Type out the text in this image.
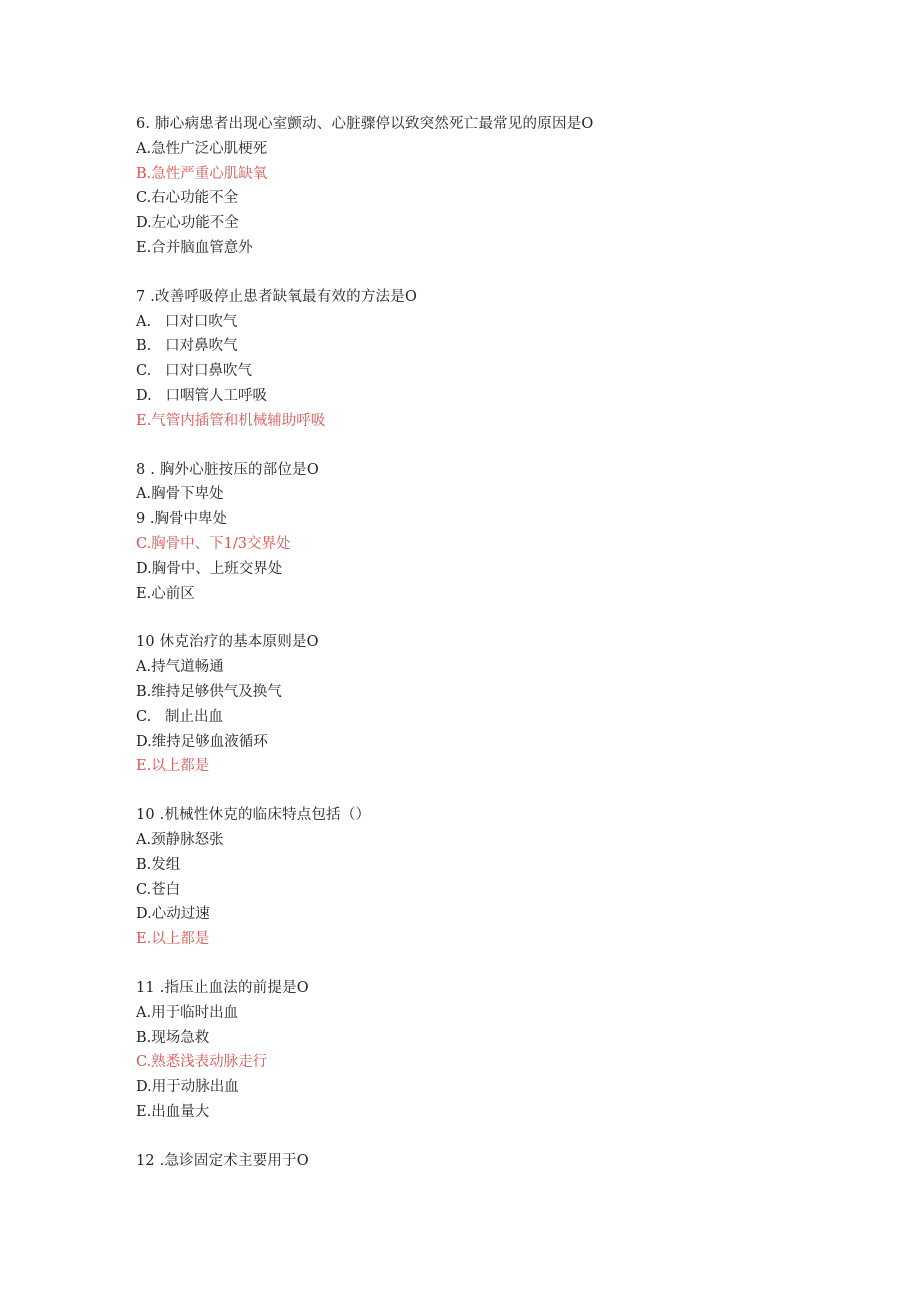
6. 肺心病患者出现心室颤动、心脏骤停以致突然死亡最常见的原因是O
A.急性广泛心肌梗死
B.急性严重心肌缺氧
C.右心功能不全
D.左心功能不全
E.合并脑血管意外
7 .改善呼吸停止患者缺氧最有效的方法是O
A.   口对口吹气
B.   口对鼻吹气
C.   口对口鼻吹气
D.   口咽管人工呼吸
E.气管内插管和机械辅助呼吸
8 . 胸外心脏按压的部位是O
A.胸骨下卑处
9 .胸骨中卑处
C.胸骨中、下1/3交界处
D.胸骨中、上班交界处
E.心前区
10 休克治疗的基本原则是O
A.持气道畅通
B.维持足够供气及换气
C.   制止出血
D.维持足够血液循环
E.以上都是
10 .机械性休克的临床特点包括（）
A.颈静脉怒张
B.发组
C.苍白
D.心动过速
E.以上都是
11 .指压止血法的前提是O
A.用于临时出血
B.现场急救
C.熟悉浅表动脉走行
D.用于动脉出血
E.出血量大
12 .急诊固定术主要用于O
